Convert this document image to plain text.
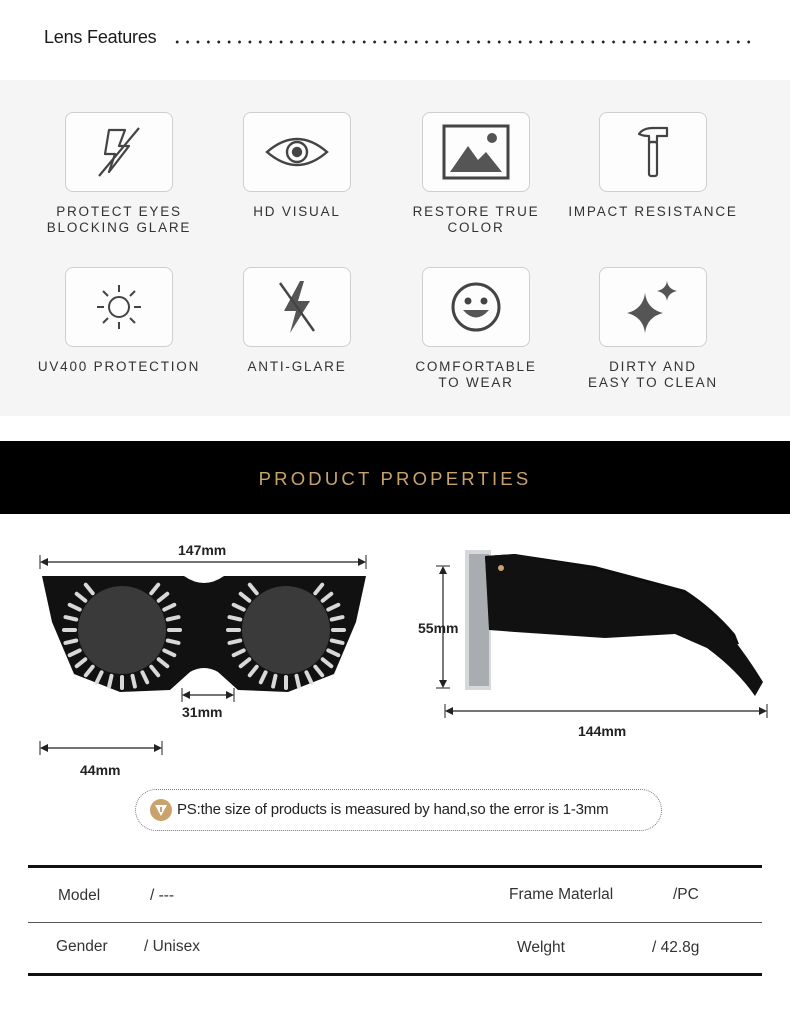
Lens Features
PROTECT EYES
BLOCKING GLARE
HD VISUAL	RESTORE TRUE COLOR
IMPACT RESISTANCE
UV400 PROTECTION	ANTI-GLARE	COMFORTABLE
TO WEAR
DIRTY AND
EASY TO CLEAN
PRODUCT PROPERTIES
147mm
31mm
44mm
55mm
144mm
PS:the size of products is measured by hand,so the error is 1-3mm
Model	/ ---	Frame Materlal	/PC
Gender / Unisex	Welght	/ 42.8g
